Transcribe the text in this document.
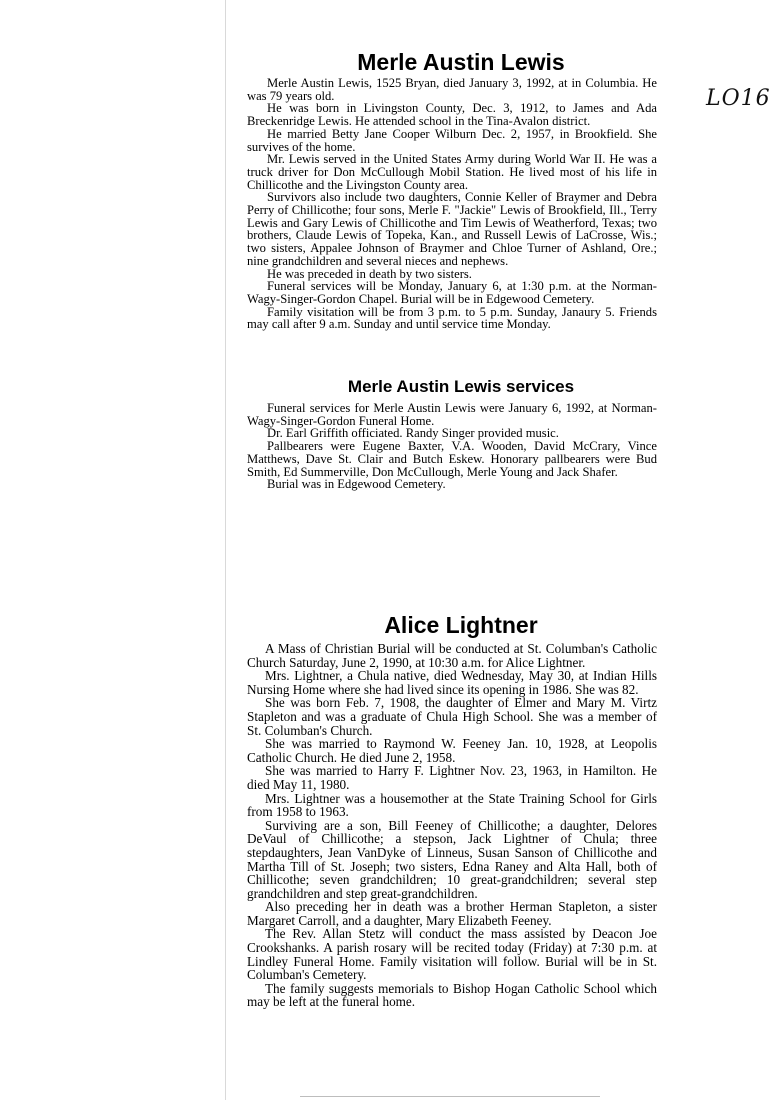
LO16
Merle Austin Lewis

Merle Austin Lewis, 1525 Bryan, died January 3, 1992, at in Columbia. He was 79 years old.

He was born in Livingston County, Dec. 3, 1912, to James and Ada Breckenridge Lewis. He attended school in the Tina-Avalon district.

He married Betty Jane Cooper Wilburn Dec. 2, 1957, in Brookfield. She survives of the home.

Mr. Lewis served in the United States Army during World War II. He was a truck driver for Don McCullough Mobil Station. He lived most of his life in Chillicothe and the Livingston County area.

Survivors also include two daughters, Connie Keller of Braymer and Debra Perry of Chillicothe; four sons, Merle F. "Jackie" Lewis of Brookfield, Ill., Terry Lewis and Gary Lewis of Chillicothe and Tim Lewis of Weatherford, Texas; two brothers, Claude Lewis of Topeka, Kan., and Russell Lewis of LaCrosse, Wis.; two sisters, Appalee Johnson of Braymer and Chloe Turner of Ashland, Ore.; nine grandchildren and several nieces and nephews.

He was preceded in death by two sisters.

Funeral services will be Monday, January 6, at 1:30 p.m. at the Norman-Wagy-Singer-Gordon Chapel. Burial will be in Edgewood Cemetery.

Family visitation will be from 3 p.m. to 5 p.m. Sunday, Janaury 5. Friends may call after 9 a.m. Sunday and until service time Monday.

Merle Austin Lewis services

Funeral services for Merle Austin Lewis were January 6, 1992, at Norman-Wagy-Singer-Gordon Funeral Home.

Dr. Earl Griffith officiated. Randy Singer provided music.

Pallbearers were Eugene Baxter, V.A. Wooden, David McCrary, Vince Matthews, Dave St. Clair and Butch Eskew. Honorary pallbearers were Bud Smith, Ed Summerville, Don McCullough, Merle Young and Jack Shafer.

Burial was in Edgewood Cemetery.

Alice Lightner

A Mass of Christian Burial will be conducted at St. Columban's Catholic Church Saturday, June 2, 1990, at 10:30 a.m. for Alice Lightner.

Mrs. Lightner, a Chula native, died Wednesday, May 30, at Indian Hills Nursing Home where she had lived since its opening in 1986. She was 82.

She was born Feb. 7, 1908, the daughter of Elmer and Mary M. Virtz Stapleton and was a graduate of Chula High School. She was a member of St. Columban's Church.

She was married to Raymond W. Feeney Jan. 10, 1928, at Leopolis Catholic Church. He died June 2, 1958.

She was married to Harry F. Lightner Nov. 23, 1963, in Hamilton. He died May 11, 1980.

Mrs. Lightner was a housemother at the State Training School for Girls from 1958 to 1963.

Surviving are a son, Bill Feeney of Chillicothe; a daughter, Delores DeVaul of Chillicothe; a stepson, Jack Lightner of Chula; three stepdaughters, Jean VanDyke of Linneus, Susan Sanson of Chillicothe and Martha Till of St. Joseph; two sisters, Edna Raney and Alta Hall, both of Chillicothe; seven grandchildren; 10 great-grandchildren; several step grandchildren and step great-grandchildren.

Also preceding her in death was a brother Herman Stapleton, a sister Margaret Carroll, and a daughter, Mary Elizabeth Feeney.

The Rev. Allan Stetz will conduct the mass assisted by Deacon Joe Crookshanks. A parish rosary will be recited today (Friday) at 7:30 p.m. at Lindley Funeral Home. Family visitation will follow. Burial will be in St. Columban's Cemetery.

The family suggests memorials to Bishop Hogan Catholic School which may be left at the funeral home.
